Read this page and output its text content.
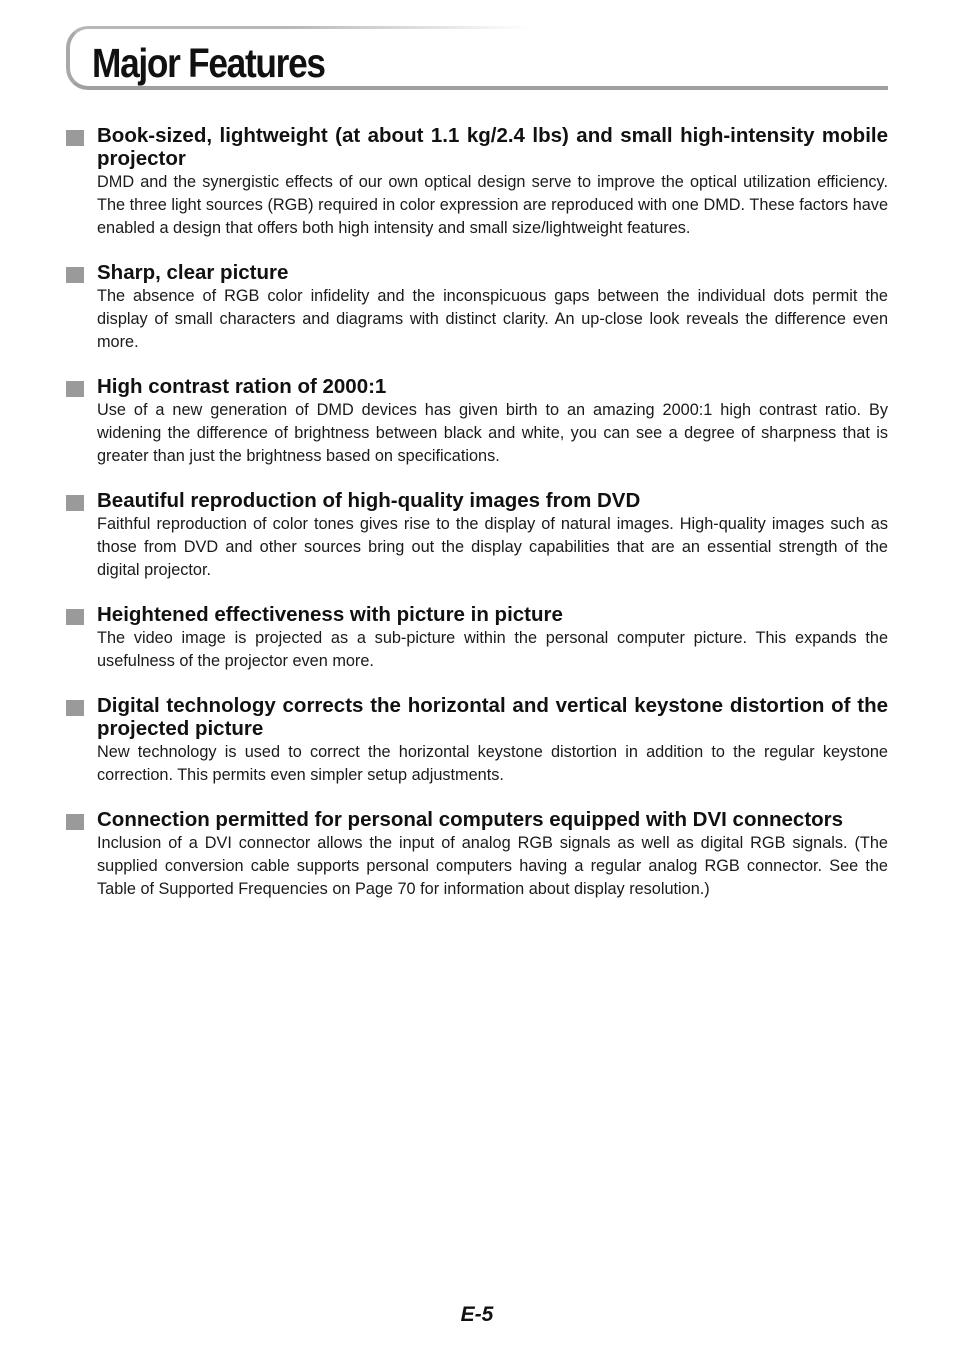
Major Features
Book-sized, lightweight (at about 1.1 kg/2.4 lbs) and small high-intensity mobile projector

DMD and the synergistic effects of our own optical design serve to improve the optical utilization efficiency. The three light sources (RGB) required in color expression are reproduced with one DMD. These factors have enabled a design that offers both high intensity and small size/lightweight features.

Sharp, clear picture

The absence of RGB color infidelity and the inconspicuous gaps between the individual dots permit the display of small characters and diagrams with distinct clarity. An up-close look reveals the difference even more.

High contrast ration of 2000:1

Use of a new generation of DMD devices has given birth to an amazing 2000:1 high contrast ratio. By widening the difference of brightness between black and white, you can see a degree of sharpness that is greater than just the brightness based on specifications.

Beautiful reproduction of high-quality images from DVD

Faithful reproduction of color tones gives rise to the display of natural images. High-quality images such as those from DVD and other sources bring out the display capabilities that are an essential strength of the digital projector.

Heightened effectiveness with picture in picture

The video image is projected as a sub-picture within the personal computer picture. This expands the usefulness of the projector even more.

Digital technology corrects the horizontal and vertical keystone distortion of the projected picture

New technology is used to correct the horizontal keystone distortion in addition to the regular keystone correction. This permits even simpler setup adjustments.

Connection permitted for personal computers equipped with DVI connectors

Inclusion of a DVI connector allows the input of analog RGB signals as well as digital RGB signals. (The supplied conversion cable supports personal computers having a regular analog RGB connector. See the Table of Supported Frequencies on Page 70 for information about display resolution.)

E-5
